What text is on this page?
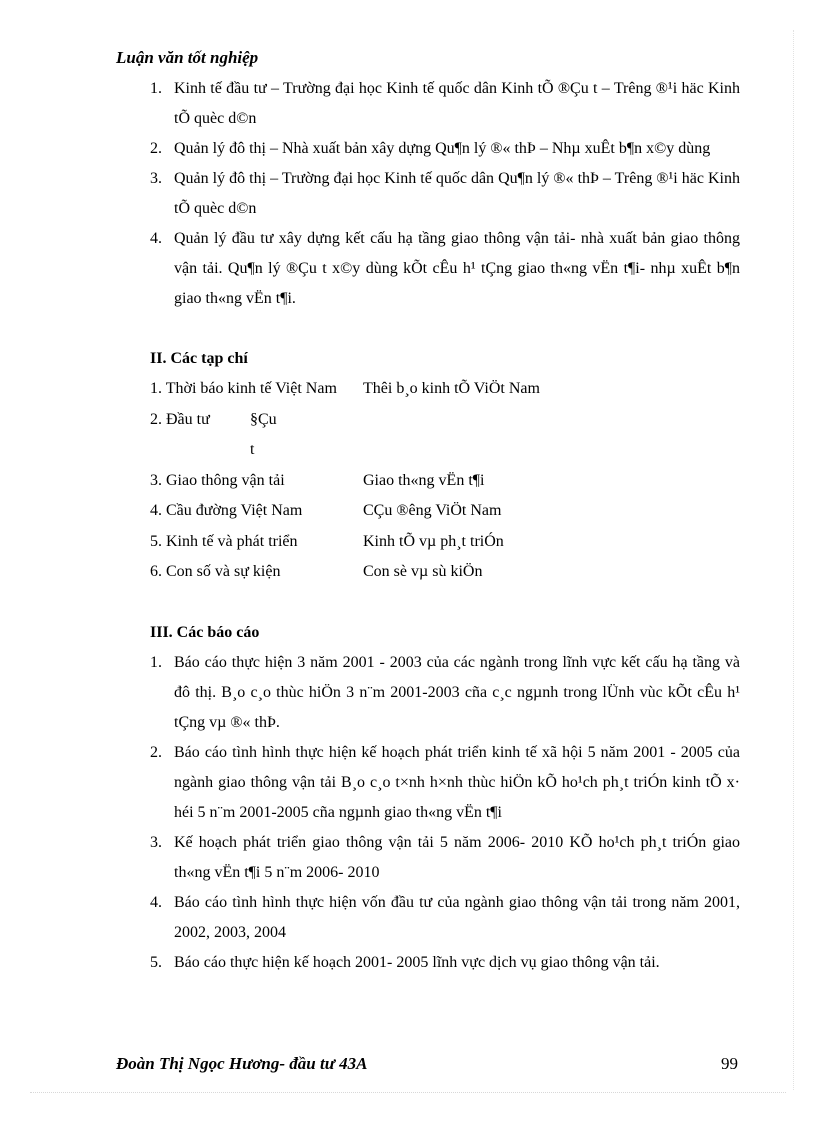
Luận văn tốt nghiệp
1. Kinh tế đầu tư – Trường đại học Kinh tế quốc dân Kinh tÕ ®Çu t – Trêng ®¹i häc Kinh tÕ quèc d©n
2. Quản lý đô thị – Nhà xuất bản xây dựng Qu¶n lý ®« thÞ – Nhµ xuÊt b¶n x©y dùng
3. Quản lý đô thị – Trường đại học Kinh tế quốc dân Qu¶n lý ®« thÞ – Trêng ®¹i häc Kinh tÕ quèc d©n
4. Quản lý đầu tư xây dựng kết cấu hạ tầng giao thông vận tải- nhà xuất bản giao thông vận tải. Qu¶n lý ®Çu t x©y dùng kÕt cÊu h¹ tÇng giao th«ng vËn t¶i- nhµ xuÊt b¶n giao th«ng vËn t¶i.
II. Các tạp chí
1. Thời báo kinh tế Việt Nam	Thêi b¸o kinh tÕ ViÖt Nam
2. Đầu tư	§Çu t
3. Giao thông vận tải	Giao th«ng vËn t¶i
4. Cầu đường Việt Nam	CÇu ®êng ViÖt Nam
5. Kinh tế và phát triển	Kinh tÕ vµ ph¸t triÓn
6. Con số và sự kiện	Con sè vµ sù kiÖn
III. Các báo cáo
1. Báo cáo thực hiện 3 năm 2001 - 2003 của các ngành trong lĩnh vực kết cấu hạ tầng và đô thị. B¸o c¸o thùc hiÖn 3 n¨m 2001-2003 cña c¸c ngµnh trong lÜnh vùc kÕt cÊu h¹ tÇng vµ ®« thÞ.
2. Báo cáo tình hình thực hiện kế hoạch phát triển kinh tế xã hội 5 năm 2001 - 2005 của ngành giao thông vận tải B¸o c¸o t×nh h×nh thùc hiÖn kÕ ho¹ch ph¸t triÓn kinh tÕ x· héi 5 n¨m 2001-2005 cña ngµnh giao th«ng vËn t¶i
3. Kế hoạch phát triển giao thông vận tải 5 năm 2006- 2010 KÕ ho¹ch ph¸t triÓn giao th«ng vËn t¶i 5 n¨m 2006- 2010
4. Báo cáo tình hình thực hiện vốn đầu tư của ngành giao thông vận tải trong năm 2001, 2002, 2003, 2004
5. Báo cáo thực hiện kế hoạch 2001- 2005 lĩnh vực dịch vụ giao thông vận tải.
Đoàn Thị Ngọc Hương- đầu tư 43A	99
